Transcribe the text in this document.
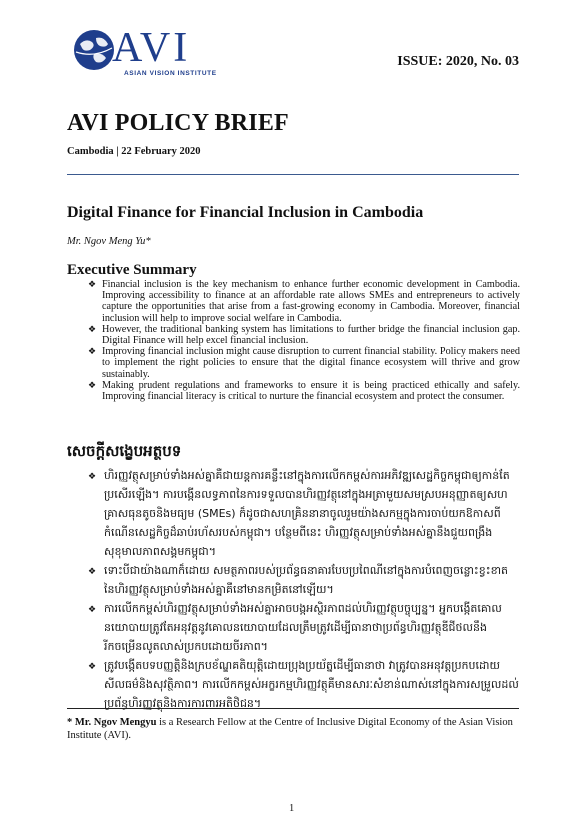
AVI
ASIAN VISION INSTITUTE
ISSUE: 2020, No. 03
AVI POLICY BRIEF
Cambodia | 22 February 2020
Digital Finance for Financial Inclusion in Cambodia
Mr. Ngov Meng Yu*
Executive Summary
❖ Financial inclusion is the key mechanism to enhance further economic development in Cambodia. Improving accessibility to finance at an affordable rate allows SMEs and entrepreneurs to actively capture the opportunities that arise from a fast-growing economy in Cambodia. Moreover, financial inclusion will help to improve social welfare in Cambodia.
❖ However, the traditional banking system has limitations to further bridge the financial inclusion gap. Digital Finance will help excel financial inclusion.
❖ Improving financial inclusion might cause disruption to current financial stability. Policy makers need to implement the right policies to ensure that the digital finance ecosystem will thrive and grow sustainably.
❖ Making prudent regulations and frameworks to ensure it is being practiced ethically and safely. Improving financial literacy is critical to nurture the financial ecosystem and protect the consumer.
សេចក្តីសង្ខេបអត្ថបទ
❖ ហិរញ្ញវត្ថុសម្រាប់ទាំងអស់គ្នាគឺជាយន្តការគន្លឹះនៅក្នុងការលើកកម្ពស់ការអភិវឌ្ឍសេដ្ឋកិច្ចកម្ពុជាឲ្យកាន់តែប្រសើរឡើង។ ការបង្កើនលទ្ធភាពនៃការទទួលបានហិរញ្ញវត្ថុនៅក្នុងអត្រាមួយសមស្របអនុញ្ញាតឲ្យសហគ្រាសធុនតូចនិងមធ្យម (SMEs) ក៏ដូចជាសហគ្រិននានាចូលរួមយ៉ាងសកម្មក្នុងការចាប់យកឱកាសពីកំណើនសេដ្ឋកិច្ចដ៏ឆាប់រហ័សរបស់កម្ពុជា។ បន្ថែមពីនេះ ហិរញ្ញវត្ថុសម្រាប់ទាំងអស់គ្នានឹងជួយពង្រឹងសុខុមាលភាពសង្គមកម្ពុជា។
❖ ទោះបីជាយ៉ាងណាក៏ដោយ សមត្ថភាពរបស់ប្រព័ន្ធធនាគារបែបប្រពៃណីនៅក្នុងការបំពេញចន្លោះខ្វះខាតនៃហិរញ្ញវត្ថុសម្រាប់ទាំងអស់គ្នាគឺនៅមានកម្រិតនៅឡើយ។
❖ ការលើកកម្ពស់ហិរញ្ញវត្ថុសម្រាប់ទាំងអស់គ្នាអាចបង្កអស្ថិរភាពដល់ហិរញ្ញវត្ថុបច្ចុប្បន្ន។ អ្នកបង្កើតគោលនយោបាយត្រូវតែអនុវត្តនូវគោលនយោបាយដែលត្រឹមត្រូវដើម្បីធានាថាប្រព័ន្ធហិរញ្ញវត្ថុឌីជីថលនឹងរីកចម្រើនលូតលាស់ប្រកបដោយចីរភាព។
❖ ត្រូវបង្កើតបទបញ្ញត្តិនិងក្របខ័ណ្ឌគតិយុត្តិដោយប្រុងប្រយ័ត្នដើម្បីធានាថា វាត្រូវបានអនុវត្តប្រកបដោយសីលធម៌និងសុវត្ថិភាព។ ការលើកកម្ពស់អក្ខរកម្មហិរញ្ញវត្ថុគឺមានសារៈសំខាន់ណាស់នៅក្នុងការសម្រួលដល់ប្រព័ន្ធហិរញ្ញវត្ថុនិងការការពារអតិថិជន។
* Mr. Ngov Mengyu is a Research Fellow at the Centre of Inclusive Digital Economy of the Asian Vision Institute (AVI).
1
